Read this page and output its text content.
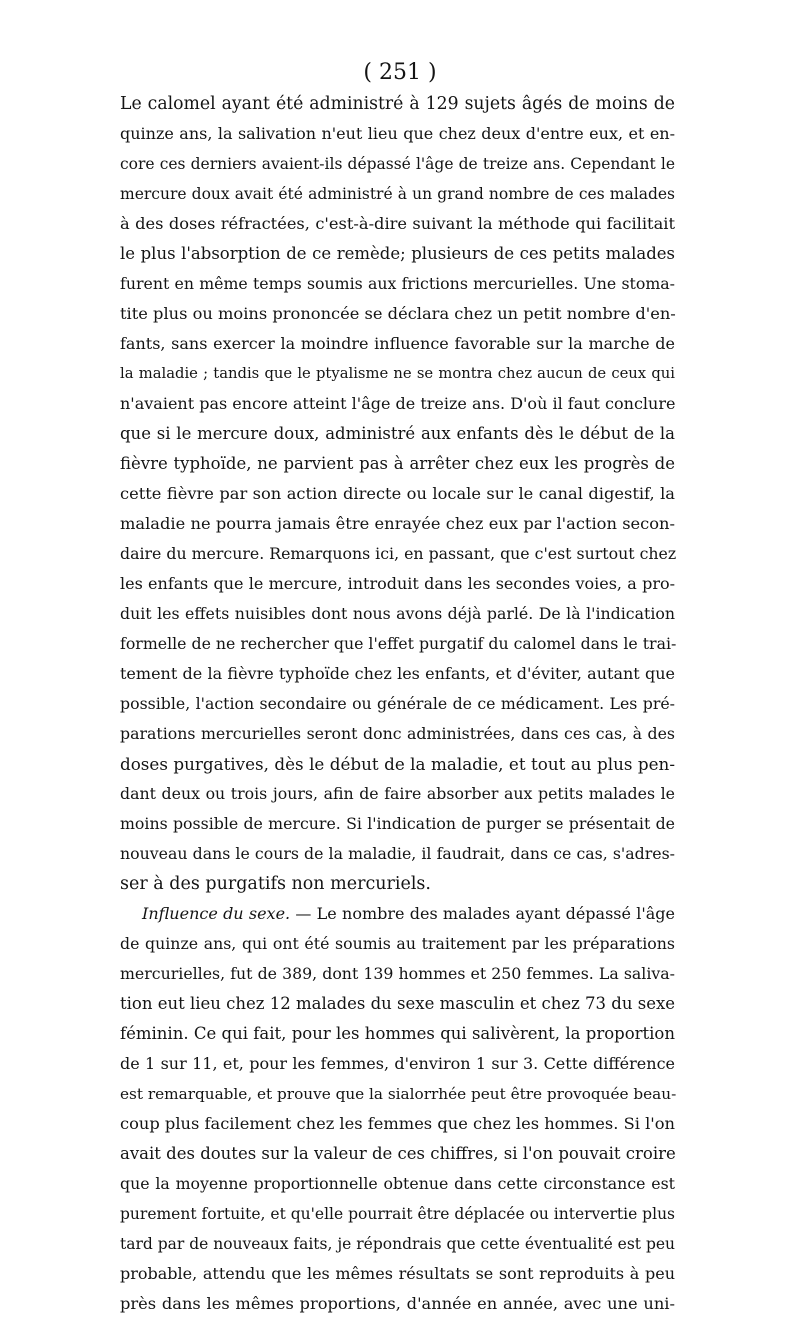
( 251 )
Le calomel ayant été administré à 129 sujets âgés de moins de
quinze ans, la salivation n'eut lieu que chez deux d'entre eux, et en-
core ces derniers avaient-ils dépassé l'âge de treize ans. Cependant le
mercure doux avait été administré à un grand nombre de ces malades
à des doses réfractées, c'est-à-dire suivant la méthode qui facilitait
le plus l'absorption de ce remède; plusieurs de ces petits malades
furent en même temps soumis aux frictions mercurielles. Une stoma-
tite plus ou moins prononcée se déclara chez un petit nombre d'en-
fants, sans exercer la moindre influence favorable sur la marche de
la maladie ; tandis que le ptyalisme ne se montra chez aucun de ceux qui
n'avaient pas encore atteint l'âge de treize ans. D'où il faut conclure
que si le mercure doux, administré aux enfants dès le début de la
fièvre typhoïde, ne parvient pas à arrêter chez eux les progrès de
cette fièvre par son action directe ou locale sur le canal digestif, la
maladie ne pourra jamais être enrayée chez eux par l'action secon-
daire du mercure. Remarquons ici, en passant, que c'est surtout chez
les enfants que le mercure, introduit dans les secondes voies, a pro-
duit les effets nuisibles dont nous avons déjà parlé. De là l'indication
formelle de ne rechercher que l'effet purgatif du calomel dans le trai-
tement de la fièvre typhoïde chez les enfants, et d'éviter, autant que
possible, l'action secondaire ou générale de ce médicament. Les pré-
parations mercurielles seront donc administrées, dans ces cas, à des
doses purgatives, dès le début de la maladie, et tout au plus pen-
dant deux ou trois jours, afin de faire absorber aux petits malades le
moins possible de mercure. Si l'indication de purger se présentait de
nouveau dans le cours de la maladie, il faudrait, dans ce cas, s'adres-
ser à des purgatifs non mercuriels.
Influence du sexe. — Le nombre des malades ayant dépassé l'âge
de quinze ans, qui ont été soumis au traitement par les préparations
mercurielles, fut de 389, dont 139 hommes et 250 femmes. La saliva-
tion eut lieu chez 12 malades du sexe masculin et chez 73 du sexe
féminin. Ce qui fait, pour les hommes qui salivèrent, la proportion
de 1 sur 11, et, pour les femmes, d'environ 1 sur 3. Cette différence
est remarquable, et prouve que la sialorrhée peut être provoquée beau-
coup plus facilement chez les femmes que chez les hommes. Si l'on
avait des doutes sur la valeur de ces chiffres, si l'on pouvait croire
que la moyenne proportionnelle obtenue dans cette circonstance est
purement fortuite, et qu'elle pourrait être déplacée ou intervertie plus
tard par de nouveaux faits, je répondrais que cette éventualité est peu
probable, attendu que les mêmes résultats se sont reproduits à peu
près dans les mêmes proportions, d'année en année, avec une uni-
